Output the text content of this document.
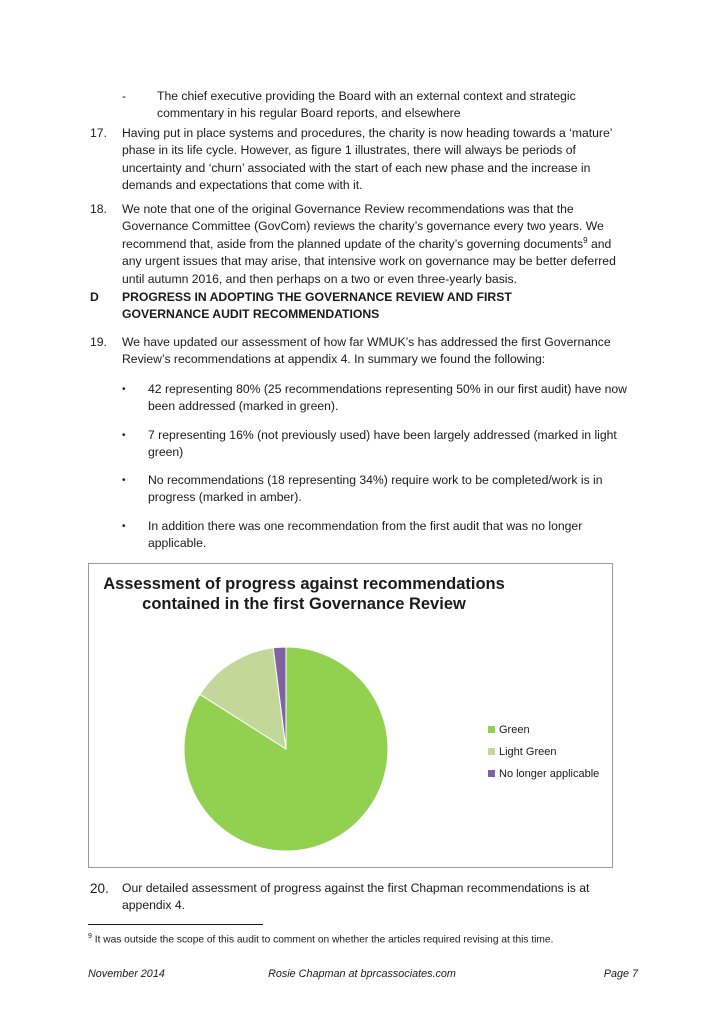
-	The chief executive providing the Board with an external context and strategic commentary in his regular Board reports, and elsewhere
17.	Having put in place systems and procedures, the charity is now heading towards a ‘mature’ phase in its life cycle. However, as figure 1 illustrates, there will always be periods of uncertainty and ‘churn’ associated with the start of each new phase and the increase in demands and expectations that come with it.
18.	We note that one of the original Governance Review recommendations was that the Governance Committee (GovCom) reviews the charity’s governance every two years. We recommend that, aside from the planned update of the charity’s governing documents$^9$ and any urgent issues that may arise, that intensive work on governance may be better deferred until autumn 2016, and then perhaps on a two or even three-yearly basis.
D	PROGRESS IN ADOPTING THE GOVERNANCE REVIEW AND FIRST GOVERNANCE AUDIT RECOMMENDATIONS
19.	We have updated our assessment of how far WMUK’s has addressed the first Governance Review’s recommendations at appendix 4. In summary we found the following:
• 42 representing 80% (25 recommendations representing 50% in our first audit) have now been addressed (marked in green).
• 7 representing 16% (not previously used) have been largely addressed (marked in light green)
• No recommendations (18 representing 34%) require work to be completed/work is in progress (marked in amber).
• In addition there was one recommendation from the first audit that was no longer applicable.
Assessment of progress against recommendations
contained in the first Governance Review
Green
Light Green
No longer applicable
20.	Our detailed assessment of progress against the first Chapman recommendations is at appendix 4.
$^9$ It was outside the scope of this audit to comment on whether the articles required revising at this time.
November 2014	Rosie Chapman at bprcassociates.com	Page 7
